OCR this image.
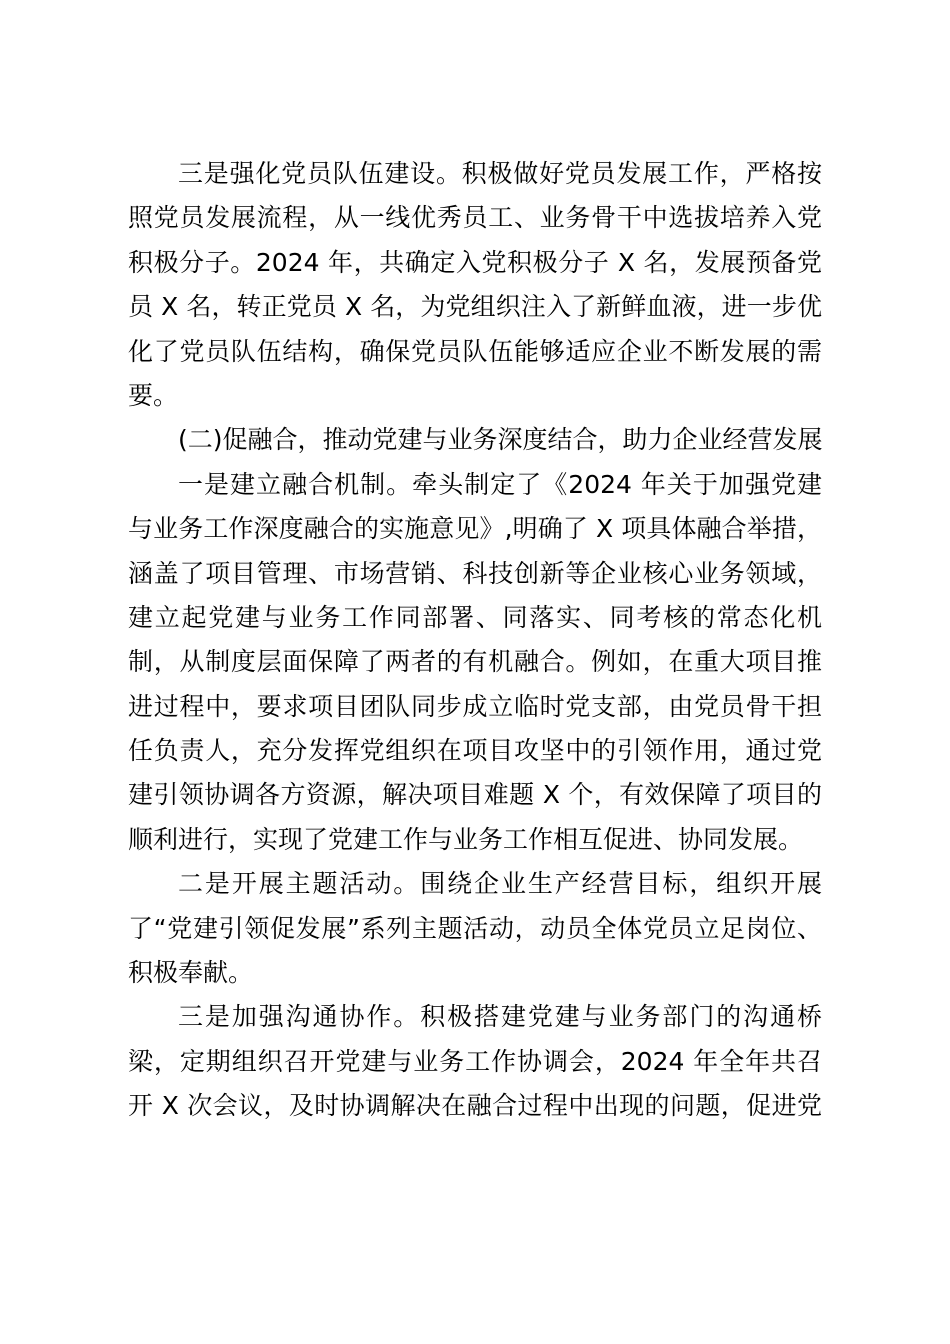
三是强化党员队伍建设。积极做好党员发展工作，严格按
照党员发展流程，从一线优秀员工、业务骨干中选拔培养入党
积极分子。2024 年，共确定入党积极分子 X 名，发展预备党
员 X 名，转正党员 X 名，为党组织注入了新鲜血液，进一步优
化了党员队伍结构，确保党员队伍能够适应企业不断发展的需
要。
(二)促融合，推动党建与业务深度结合，助力企业经营发展
一是建立融合机制。牵头制定了《2024 年关于加强党建
与业务工作深度融合的实施意见》,明确了 X 项具体融合举措，
涵盖了项目管理、市场营销、科技创新等企业核心业务领域，
建立起党建与业务工作同部署、同落实、同考核的常态化机
制，从制度层面保障了两者的有机融合。例如，在重大项目推
进过程中，要求项目团队同步成立临时党支部，由党员骨干担
任负责人，充分发挥党组织在项目攻坚中的引领作用，通过党
建引领协调各方资源，解决项目难题 X 个，有效保障了项目的
顺利进行，实现了党建工作与业务工作相互促进、协同发展。
二是开展主题活动。围绕企业生产经营目标，组织开展
了“党建引领促发展”系列主题活动，动员全体党员立足岗位、
积极奉献。
三是加强沟通协作。积极搭建党建与业务部门的沟通桥
梁，定期组织召开党建与业务工作协调会，2024 年全年共召
开 X 次会议，及时协调解决在融合过程中出现的问题，促进党
